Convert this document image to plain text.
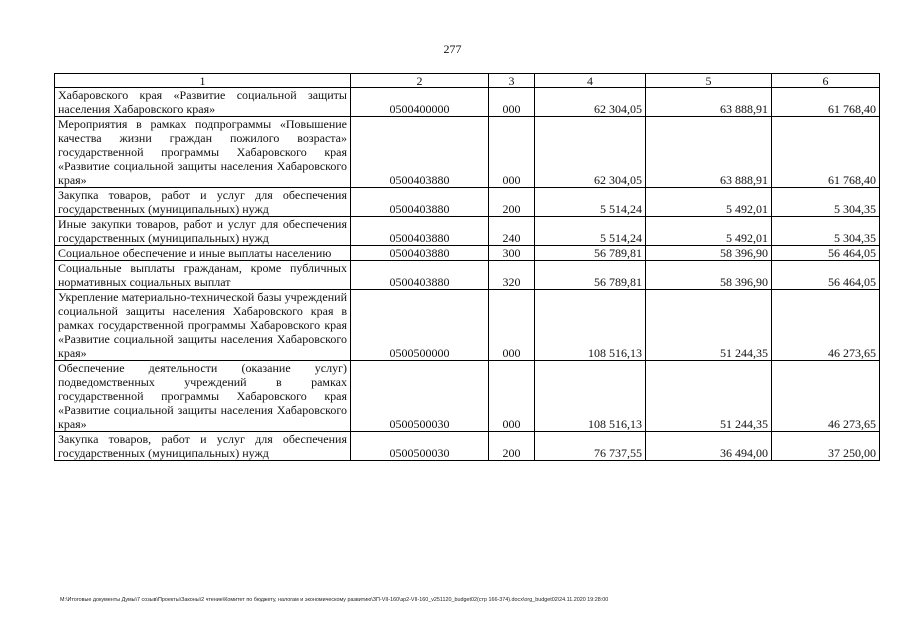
277
1	2	3	4	5	6
Хабаровского края «Развитие социальной защиты населения Хабаровского края»	0500400000	000	62 304,05	63 888,91	61 768,40
Мероприятия в рамках подпрограммы «Повышение качества жизни граждан пожилого возраста» государственной программы Хабаровского края «Развитие социальной защиты населения Хабаровского края»	0500403880	000	62 304,05	63 888,91	61 768,40
Закупка товаров, работ и услуг для обеспечения государственных (муниципальных) нужд	0500403880	200	5 514,24	5 492,01	5 304,35
Иные закупки товаров, работ и услуг для обеспечения государственных (муниципальных) нужд	0500403880	240	5 514,24	5 492,01	5 304,35
Социальное обеспечение и иные выплаты населению	0500403880	300	56 789,81	58 396,90	56 464,05
Социальные выплаты гражданам, кроме публичных нормативных социальных выплат	0500403880	320	56 789,81	58 396,90	56 464,05
Укрепление материально-технической базы учреждений социальной защиты населения Хабаровского края в рамках государственной программы Хабаровского края «Развитие социальной защиты населения Хабаровского края»	0500500000	000	108 516,13	51 244,35	46 273,65
Обеспечение деятельности (оказание услуг) подведомственных учреждений в рамках государственной программы Хабаровского края «Развитие социальной защиты населения Хабаровского края»	0500500030	000	108 516,13	51 244,35	46 273,65
Закупка товаров, работ и услуг для обеспечения государственных (муниципальных) нужд	0500500030	200	76 737,55	36 494,00	37 250,00
М:\Итоговые документы Думы\7 созыв\Проекты\Законы\2 чтение\Комитет по бюджету, налогам и экономическому развитию\ЗП-VII-160\зр2-VII-160_v251120_budget02(стр 166-374).docx\org_budget02\24.11.2020 19:28:00
